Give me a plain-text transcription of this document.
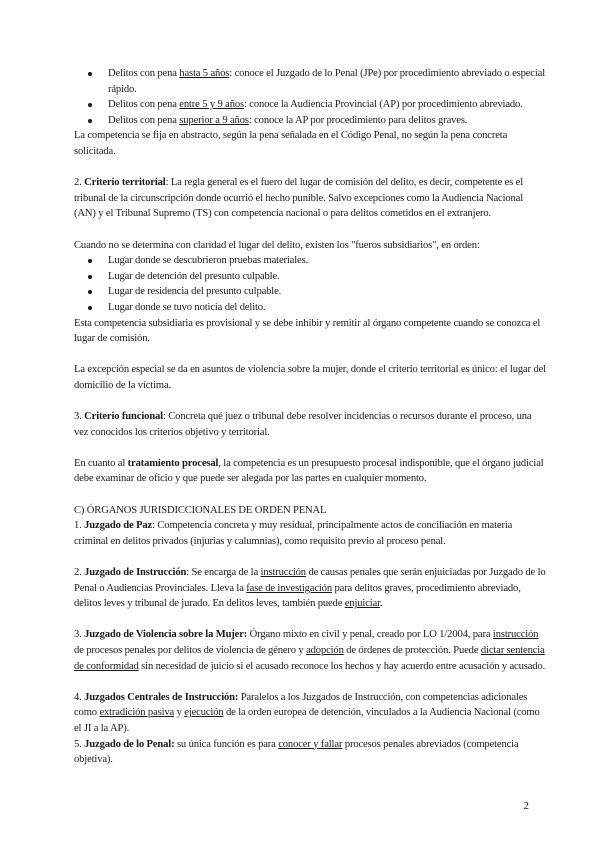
Delitos con pena hasta 5 años: conoce el Juzgado de lo Penal (JPe) por procedimiento abreviado o especial rápido.
Delitos con pena entre 5 y 9 años: conoce la Audiencia Provincial (AP) por procedimiento abreviado.
Delitos con pena superior a 9 años: conoce la AP por procedimiento para delitos graves.

La competencia se fija en abstracto, según la pena señalada en el Código Penal, no según la pena concreta solicitada.

2. Criterio territorial: La regla general es el fuero del lugar de comisión del delito, es decir, competente es el tribunal de la circunscripción donde ocurrió el hecho punible. Salvo excepciones como la Audiencia Nacional (AN) y el Tribunal Supremo (TS) con competencia nacional o para delitos cometidos en el extranjero.

Cuando no se determina con claridad el lugar del delito, existen los "fueros subsidiarios", en orden:

Lugar donde se descubrieron pruebas materiales.
Lugar de detención del presunto culpable.
Lugar de residencia del presunto culpable.
Lugar donde se tuvo noticia del delito.

Esta competencia subsidiaria es provisional y se debe inhibir y remitir al órgano competente cuando se conozca el lugar de comisión.

La excepción especial se da en asuntos de violencia sobre la mujer, donde el criterio territorial es único: el lugar del domicilio de la víctima.

3. Criterio funcional: Concreta qué juez o tribunal debe resolver incidencias o recursos durante el proceso, una vez conocidos los criterios objetivo y territorial.

En cuanto al tratamiento procesal, la competencia es un presupuesto procesal indisponible, que el órgano judicial debe examinar de oficio y que puede ser alegada por las partes en cualquier momento.

C) ÓRGANOS JURISDICCIONALES DE ORDEN PENAL

1. Juzgado de Paz: Competencia concreta y muy residual, principalmente actos de conciliación en materia criminal en delitos privados (injurias y calumnias), como requisito previo al proceso penal.

2. Juzgado de Instrucción: Se encarga de la instrucción de causas penales que serán enjuiciadas por Juzgado de lo Penal o Audiencias Provinciales. Lleva la fase de investigación para delitos graves, procedimiento abreviado, delitos leves y tribunal de jurado. En delitos leves, también puede enjuiciar.

3. Juzgado de Violencia sobre la Mujer: Órgano mixto en civil y penal, creado por LO 1/2004, para instrucción de procesos penales por delitos de violencia de género y adopción de órdenes de protección. Puede dictar sentencia de conformidad sin necesidad de juicio si el acusado reconoce los hechos y hay acuerdo entre acusación y acusado.

4. Juzgados Centrales de Instrucción: Paralelos a los Juzgados de Instrucción, con competencias adicionales como extradición pasiva y ejecución de la orden europea de detención, vinculados a la Audiencia Nacional (como el JI a la AP).

5. Juzgado de lo Penal: su única función es para conocer y fallar procesos penales abreviados (competencia objetiva).

2
